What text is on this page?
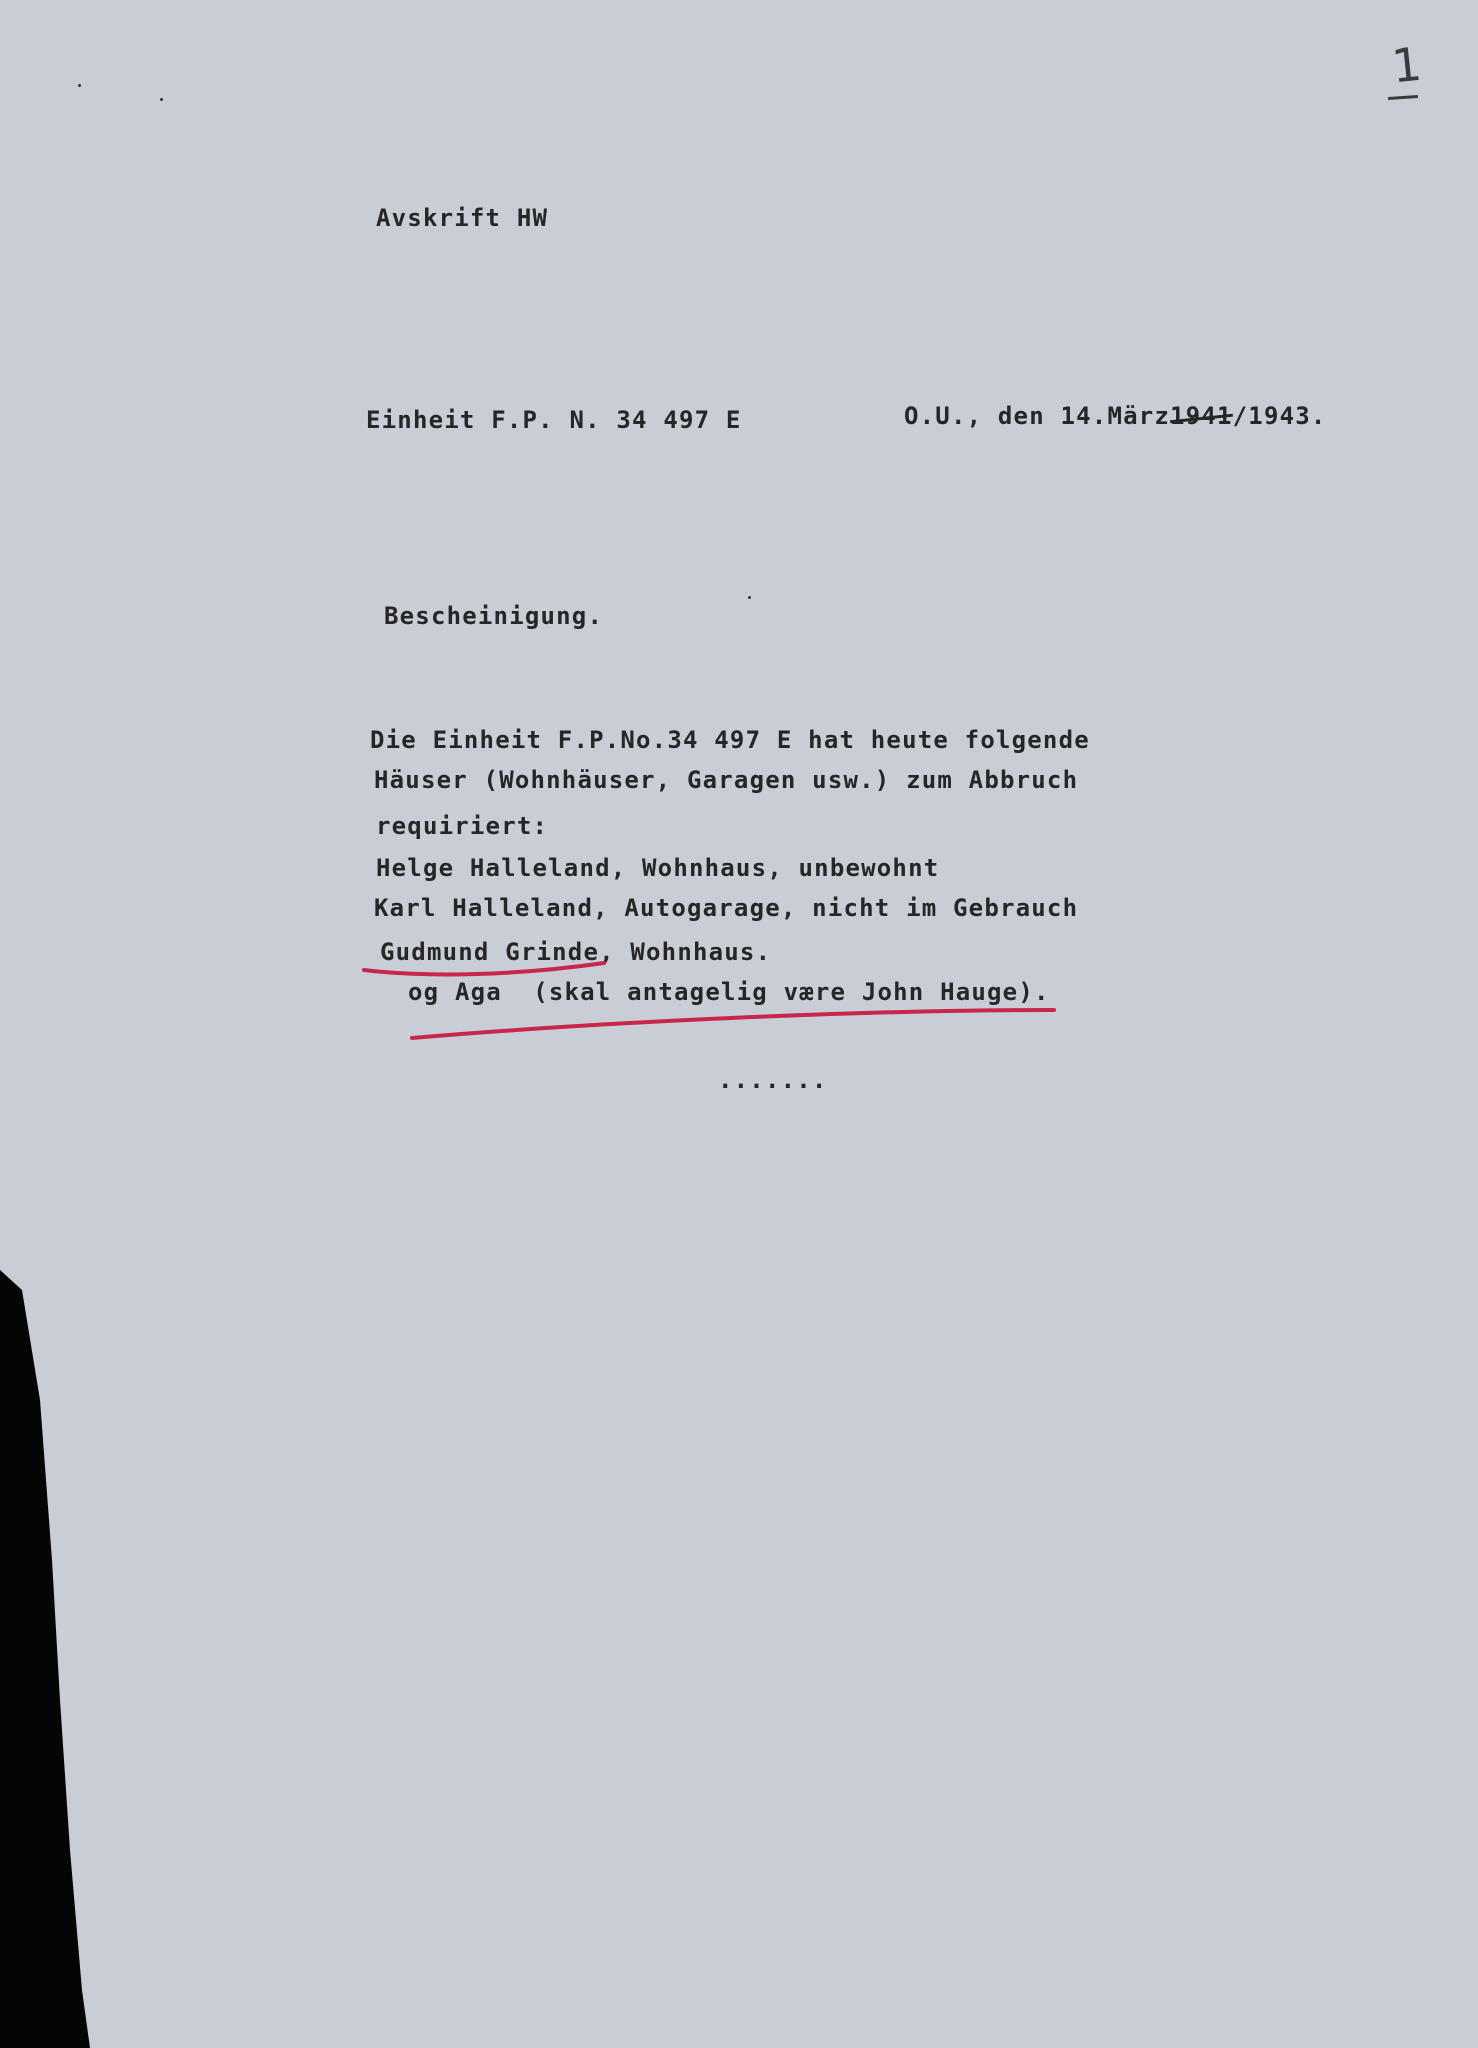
1

Avskrift HW

Einheit F.P. N. 34 497 E	O.U., den 14.März1941
/1943.

Bescheinigung.

Die Einheit F.P.No.34 497 E hat heute folgende

Häuser (Wohnhäuser, Garagen usw.) zum Abbruch

requiriert:

Helge Halleland, Wohnhaus, unbewohnt

Karl Halleland, Autogarage, nicht im Gebrauch

Gudmund Grinde, Wohnhaus.

og Aga  (skal antagelig være John Hauge).

.......
